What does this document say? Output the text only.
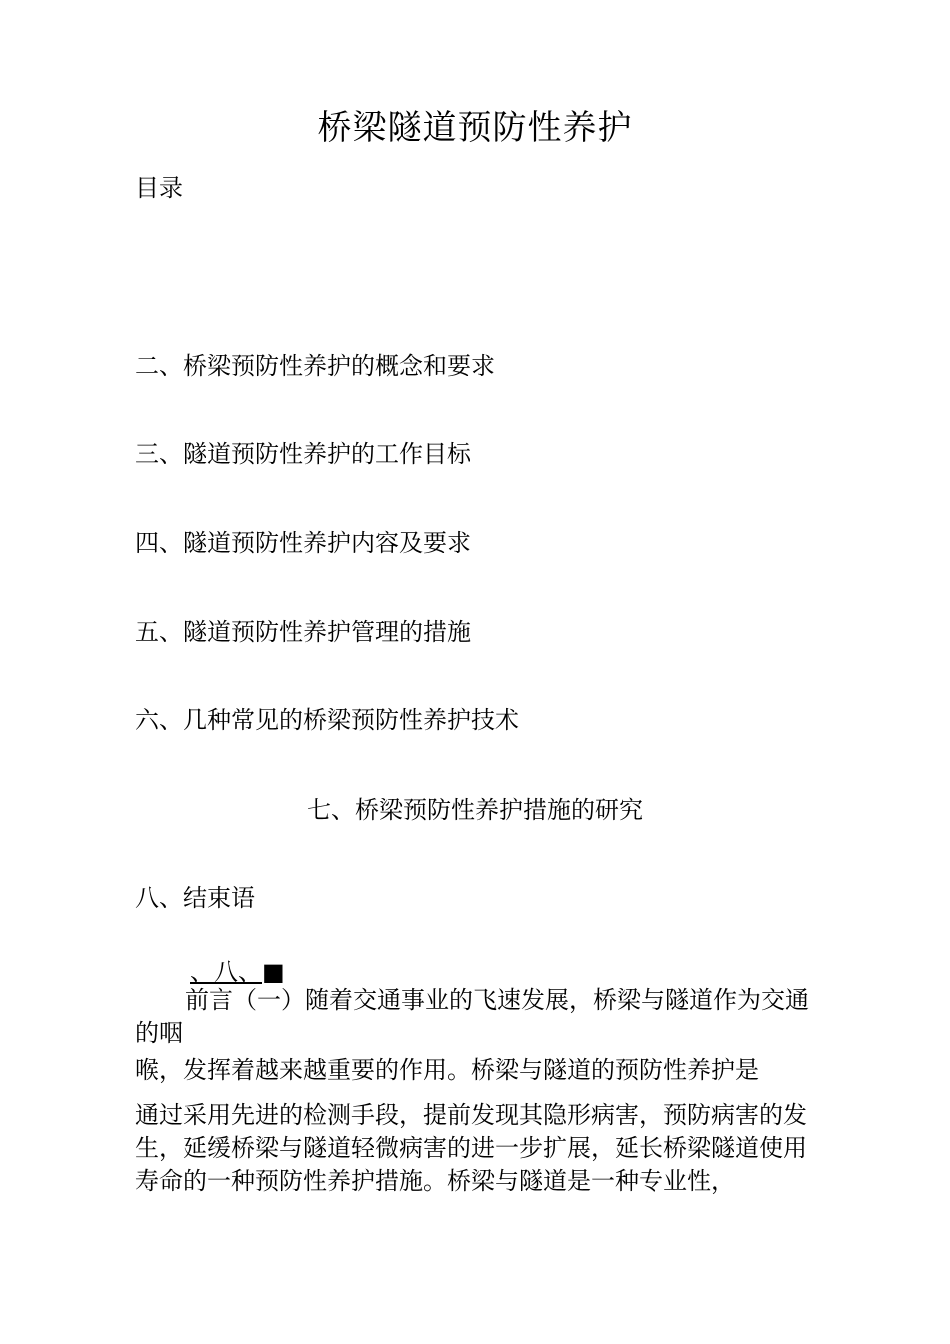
桥梁隧道预防性养护
目录
二、桥梁预防性养护的概念和要求
三、隧道预防性养护的工作目标
四、隧道预防性养护内容及要求
五、隧道预防性养护管理的措施
六、几种常见的桥梁预防性养护技术
七、桥梁预防性养护措施的研究
八、结束语
、八、■
前言（一）随着交通事业的飞速发展，桥梁与隧道作为交通的咽
喉，发挥着越来越重要的作用。桥梁与隧道的预防性养护是
通过采用先进的检测手段，提前发现其隐形病害，预防病害的发生，延缓桥梁与隧道轻微病害的进一步扩展，延长桥梁隧道使用寿命的一种预防性养护措施。桥梁与隧道是一种专业性，
